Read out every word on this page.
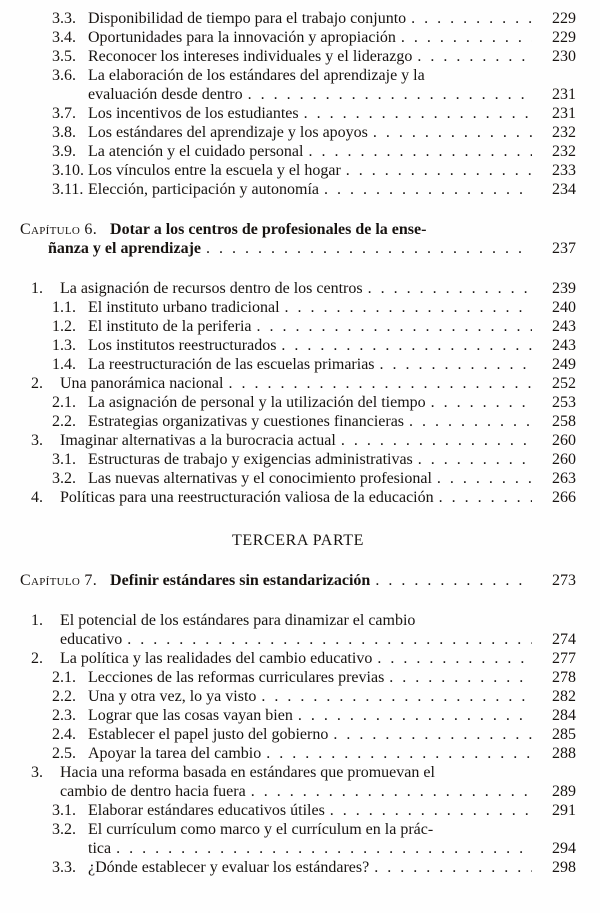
3.3. Disponibilidad de tiempo para el trabajo conjunto . . .	229
3.4. Oportunidades para la innovación y apropiación . . .	229
3.5. Reconocer los intereses individuales y el liderazgo . . .	230
3.6. La elaboración de los estándares del aprendizaje y la
evaluación desde dentro . . .	231
3.7. Los incentivos de los estudiantes . . .	231
3.8. Los estándares del aprendizaje y los apoyos . . .	232
3.9. La atención y el cuidado personal . . .	232
3.10. Los vínculos entre la escuela y el hogar . . .	233
3.11. Elección, participación y autonomía . . .	234
Capítulo 6. Dotar a los centros de profesionales de la ense-
ñanza y el aprendizaje . . .	237
1.	La asignación de recursos dentro de los centros . . .	239
1.1. El instituto urbano tradicional . . .	240
1.2. El instituto de la periferia . . .	243
1.3. Los institutos reestructurados . . .	243
1.4. La reestructuración de las escuelas primarias . . .	249
2.	Una panorámica nacional . . .	252
2.1. La asignación de personal y la utilización del tiempo . . .	253
2.2. Estrategias organizativas y cuestiones financieras . . .	258
3.	Imaginar alternativas a la burocracia actual . . .	260
3.1. Estructuras de trabajo y exigencias administrativas . . .	260
3.2. Las nuevas alternativas y el conocimiento profesional . . .	263
4.	Políticas para una reestructuración valiosa de la educación . . .	266
TERCERA PARTE
Capítulo 7. Definir estándares sin estandarización . . .	273
1.	El potencial de los estándares para dinamizar el cambio
educativo . . .	274
2.	La política y las realidades del cambio educativo . . .	277
2.1. Lecciones de las reformas curriculares previas . . .	278
2.2. Una y otra vez, lo ya visto . . .	282
2.3. Lograr que las cosas vayan bien . . .	284
2.4. Establecer el papel justo del gobierno . . .	285
2.5. Apoyar la tarea del cambio . . .	288
3.	Hacia una reforma basada en estándares que promuevan el
cambio de dentro hacia fuera . . .	289
3.1. Elaborar estándares educativos útiles . . .	291
3.2. El currículum como marco y el currículum en la prác-
tica . . .	294
3.3. ¿Dónde establecer y evaluar los estándares? . . .	298
